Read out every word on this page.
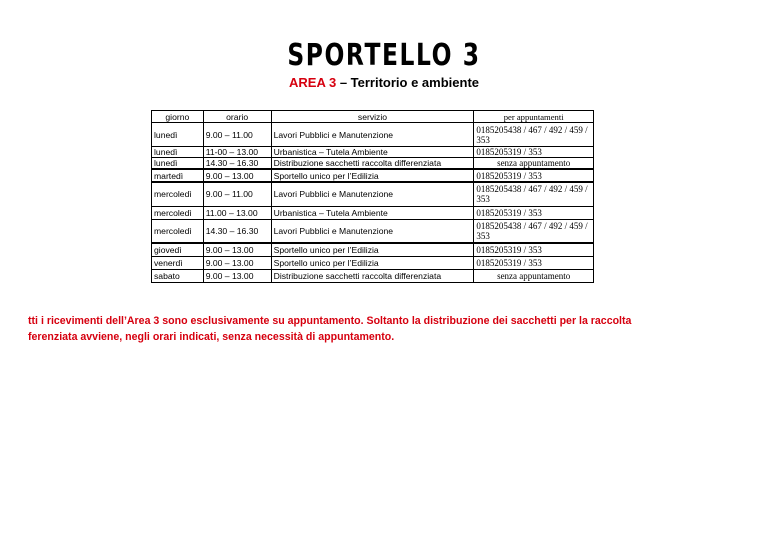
SPORTELLO 3
AREA 3 – Territorio e ambiente
giorno	orario	servizio	per appuntamenti
lunedì	9.00 – 11.00	Lavori Pubblici e Manutenzione	0185205438 / 467 / 492 / 459 / 353
lunedì	11-00 – 13.00	Urbanistica – Tutela Ambiente	0185205319 / 353
lunedì	14.30 – 16.30	Distribuzione sacchetti raccolta differenziata	senza appuntamento
martedì	9.00 – 13.00	Sportello unico per l’Edilizia	0185205319 / 353
mercoledì	9.00 – 11.00	Lavori Pubblici e Manutenzione	0185205438 / 467 / 492 / 459 / 353
mercoledì	11.00 – 13.00	Urbanistica – Tutela Ambiente	0185205319 / 353
mercoledì	14.30 – 16.30	Lavori Pubblici e Manutenzione	0185205438 / 467 / 492 / 459 / 353
giovedì	9.00 – 13.00	Sportello unico per l’Edilizia	0185205319 / 353
venerdì	9.00 – 13.00	Sportello unico per l’Edilizia	0185205319 / 353
sabato	9.00 – 13.00	Distribuzione sacchetti raccolta differenziata	senza appuntamento

tti i ricevimenti dell’Area 3 sono esclusivamente su appuntamento. Soltanto la distribuzione dei sacchetti per la raccolta

ferenziata avviene, negli orari indicati, senza necessità di appuntamento.
